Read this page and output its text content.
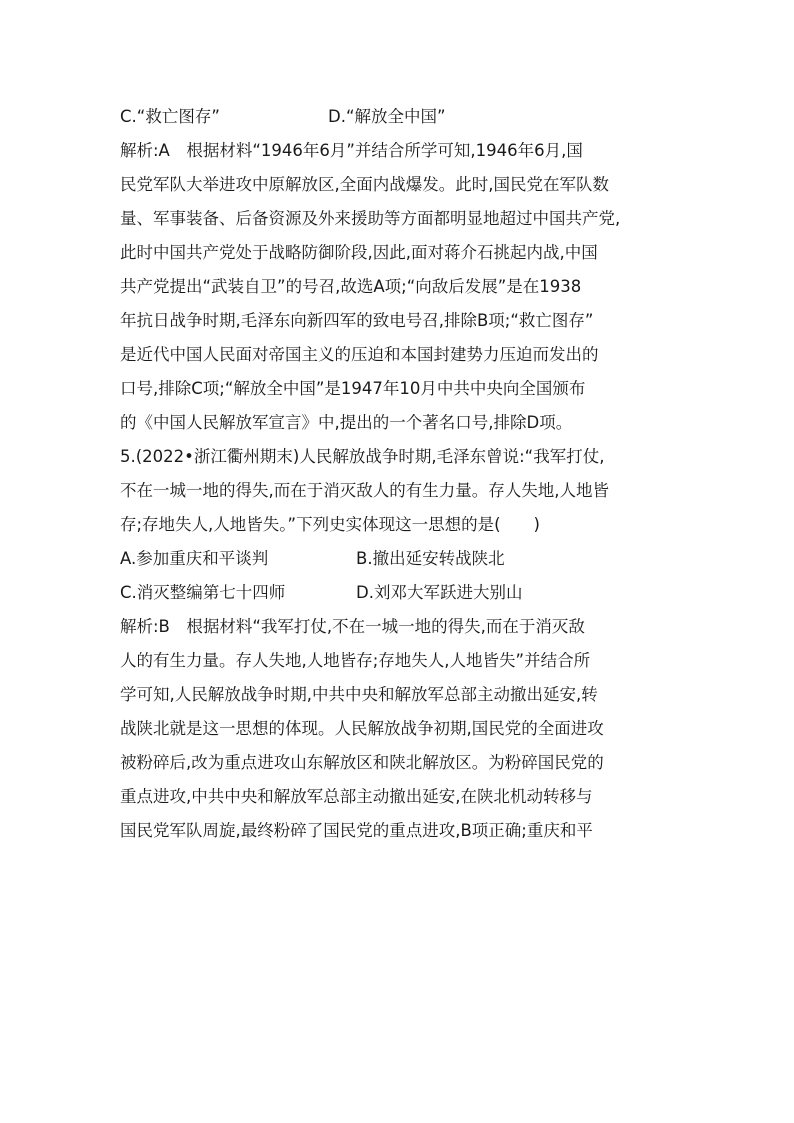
C.“救亡图存”	D.“解放全中国”
解析:A　根据材料“1946年6月”并结合所学可知,1946年6月,国
民党军队大举进攻中原解放区,全面内战爆发。此时,国民党在军队数
量、军事装备、后备资源及外来援助等方面都明显地超过中国共产党,
此时中国共产党处于战略防御阶段,因此,面对蒋介石挑起内战,中国
共产党提出“武装自卫”的号召,故选A项;“向敌后发展”是在1938
年抗日战争时期,毛泽东向新四军的致电号召,排除B项;“救亡图存”
是近代中国人民面对帝国主义的压迫和本国封建势力压迫而发出的
口号,排除C项;“解放全中国”是1947年10月中共中央向全国颁布
的《中国人民解放军宣言》中,提出的一个著名口号,排除D项。
5.(2022•浙江衢州期末)人民解放战争时期,毛泽东曾说:“我军打仗,
不在一城一地的得失,而在于消灭敌人的有生力量。存人失地,人地皆
存;存地失人,人地皆失。”下列史实体现这一思想的是(　　)
A.参加重庆和平谈判	B.撤出延安转战陕北
C.消灭整编第七十四师	D.刘邓大军跃进大别山
解析:B　根据材料“我军打仗,不在一城一地的得失,而在于消灭敌
人的有生力量。存人失地,人地皆存;存地失人,人地皆失”并结合所
学可知,人民解放战争时期,中共中央和解放军总部主动撤出延安,转
战陕北就是这一思想的体现。人民解放战争初期,国民党的全面进攻
被粉碎后,改为重点进攻山东解放区和陕北解放区。为粉碎国民党的
重点进攻,中共中央和解放军总部主动撤出延安,在陕北机动转移与
国民党军队周旋,最终粉碎了国民党的重点进攻,B项正确;重庆和平
